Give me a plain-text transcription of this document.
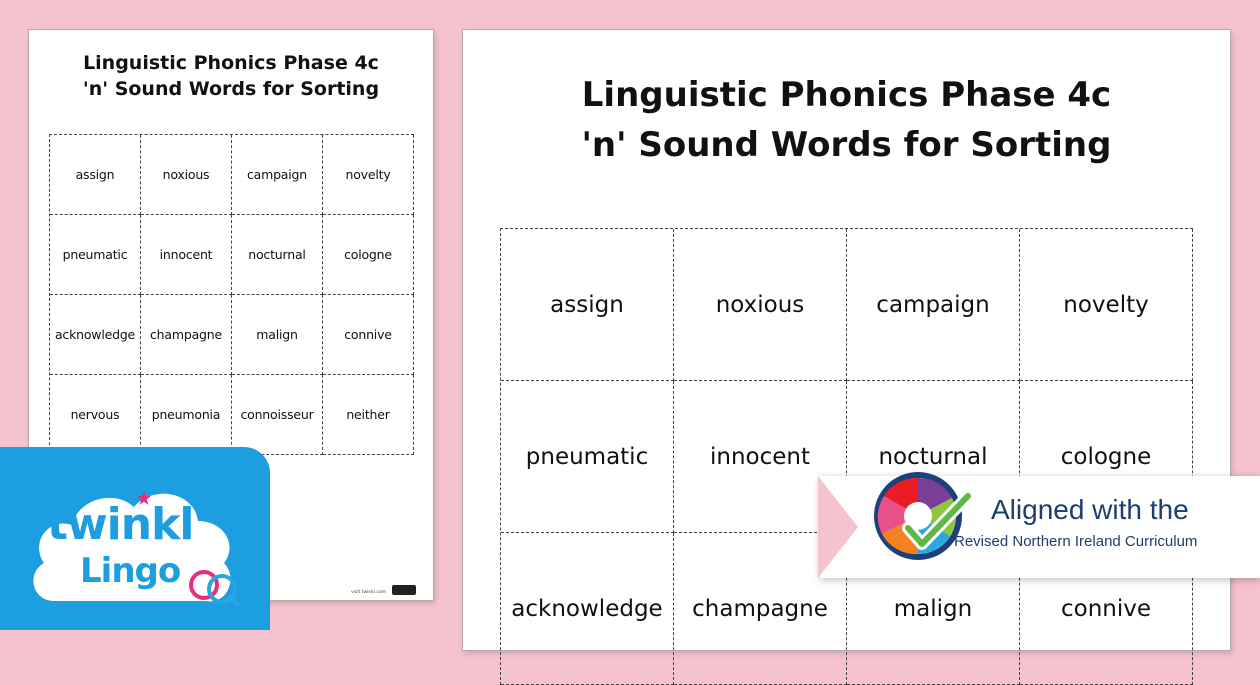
Linguistic Phonics Phase 4c
'n' Sound Words for Sorting
assign	noxious	campaign	novelty
pneumatic	innocent	nocturnal	cologne
acknowledge	champagne	malign	connive
nervous	pneumonia	connoisseur	neither
visit twinkl.com
Linguistic Phonics Phase 4c
'n' Sound Words for Sorting
assign	noxious	campaign	novelty
pneumatic	innocent	nocturnal	cologne
acknowledge	champagne	malign	connive
twinkl
Lingo
Aligned with the
Revised Northern Ireland Curriculum
